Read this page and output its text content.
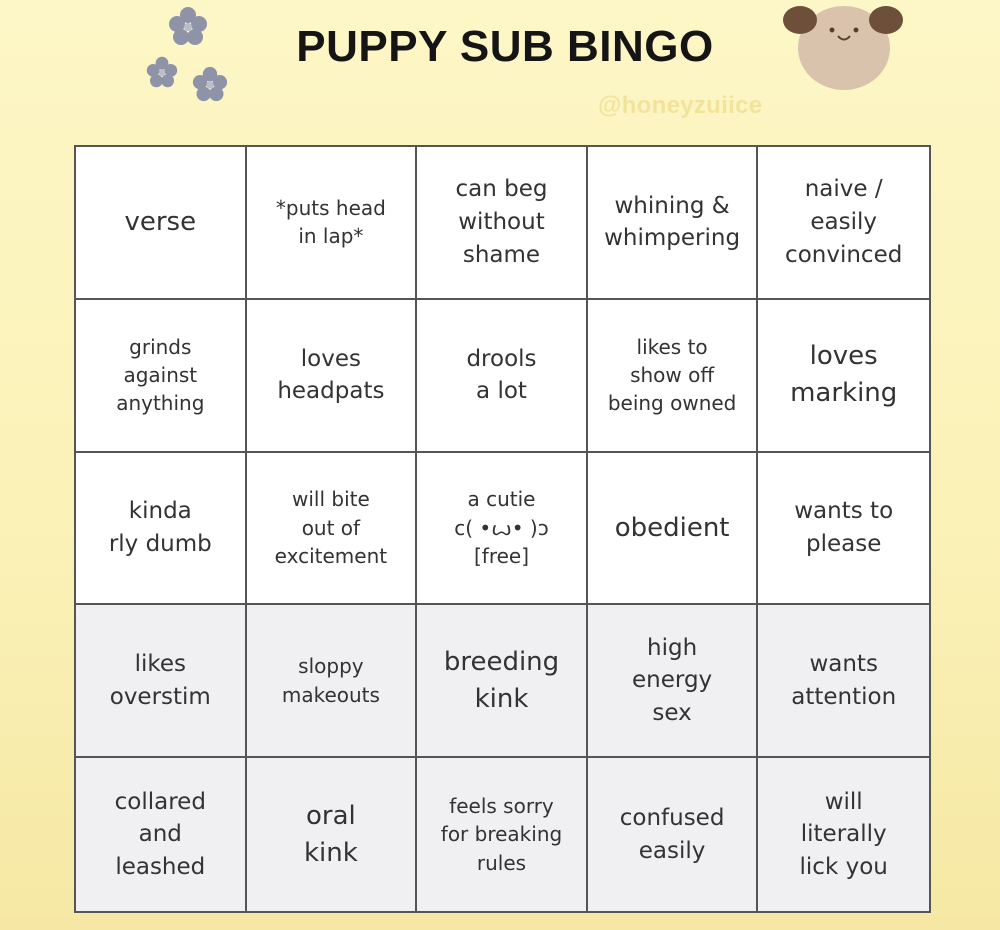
PUPPY SUB BINGO
@honeyzuiice
verse	*puts head
in lap*
can beg
without
shame
whining &
whimpering
naive /
easily
convinced
grinds
against
anything
loves
headpats
drools
a lot
likes to
show off
being owned
loves
marking
kinda
rly dumb
will bite
out of
excitement
a cutie
c( •ꙍ• )ↄ
[free]
obedient
wants to
please
likes
overstim
sloppy
makeouts
breeding
kink
high
energy
sex
wants
attention
collared
and
leashed
oral
kink
feels sorry
for breaking
rules
confused
easily
will
literally
lick you
